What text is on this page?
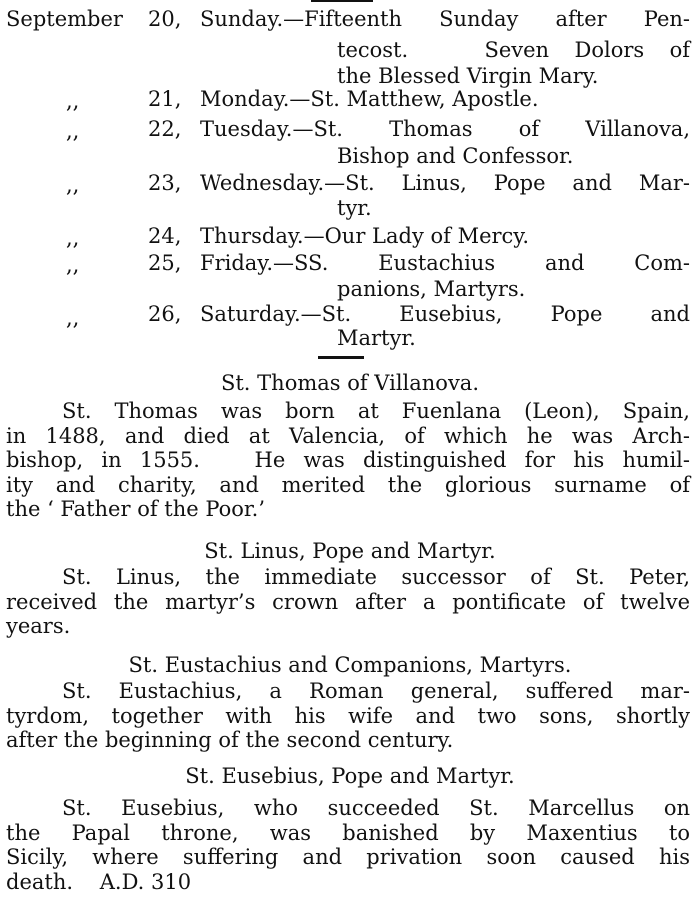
September 20, Sunday.—Fifteenth Sunday after Pen-
tecost.   Seven Dolors of
the Blessed Virgin Mary.
,,	21, Monday.—St. Matthew, Apostle.
,,	22, Tuesday.—St. Thomas of Villanova,
Bishop and Confessor.
,,	23, Wednesday.—St. Linus, Pope and Mar-
tyr.
,,	24, Thursday.—Our Lady of Mercy.
,,	25, Friday.—SS. Eustachius and Com-
panions, Martyrs.
,,	26, Saturday.—St. Eusebius, Pope and
Martyr.
St. Thomas of Villanova.
St. Thomas was born at Fuenlana (Leon), Spain,
in 1488, and died at Valencia, of which he was Arch-
bishop, in 1555.   He was distinguished for his humil-
ity and charity, and merited the glorious surname of
the ‘ Father of the Poor.’
St. Linus, Pope and Martyr.
St. Linus, the immediate successor of St. Peter,
received the martyr’s crown after a pontificate of twelve
years.
St. Eustachius and Companions, Martyrs.
St. Eustachius, a Roman general, suffered mar-
tyrdom, together with his wife and two sons, shortly
after the beginning of the second century.
St. Eusebius, Pope and Martyr.
St. Eusebius, who succeeded St. Marcellus on
the Papal throne, was banished by Maxentius to
Sicily, where suffering and privation soon caused his
death.    A.D. 310
